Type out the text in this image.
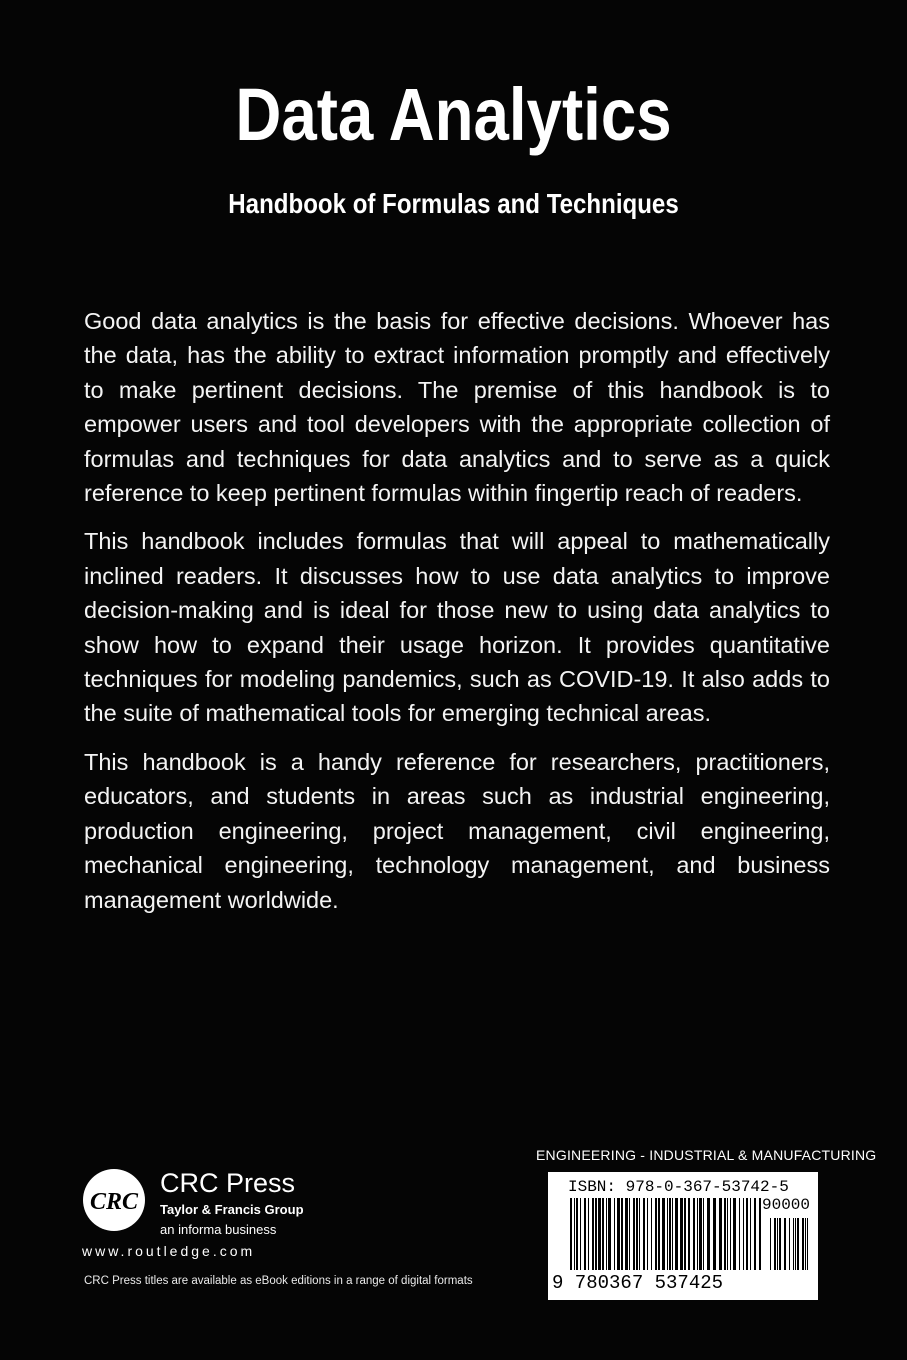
Data Analytics
Handbook of Formulas and Techniques

Good data analytics is the basis for effective decisions. Whoever has the data, has the ability to extract information promptly and effectively to make pertinent decisions. The premise of this handbook is to empower users and tool developers with the appropriate collection of formulas and techniques for data analytics and to serve as a quick reference to keep pertinent formulas within fingertip reach of readers.

This handbook includes formulas that will appeal to mathematically inclined readers. It discusses how to use data analytics to improve decision-making and is ideal for those new to using data analytics to show how to expand their usage horizon. It provides quantitative techniques for modeling pandemics, such as COVID-19. It also adds to the suite of mathematical tools for emerging technical areas.

This handbook is a handy reference for researchers, practitioners, educators, and students in areas such as industrial engineering, production engineering, project management, civil engineering, mechanical engineering, technology management, and business management worldwide.

CRC
CRC Press
Taylor & Francis Group
an informa business
www.routledge.com
CRC Press titles are available as eBook editions in a range of digital formats
ENGINEERING - INDUSTRIAL & MANUFACTURING
ISBN: 978-0-367-53742-5
90000
9 780367 537425
